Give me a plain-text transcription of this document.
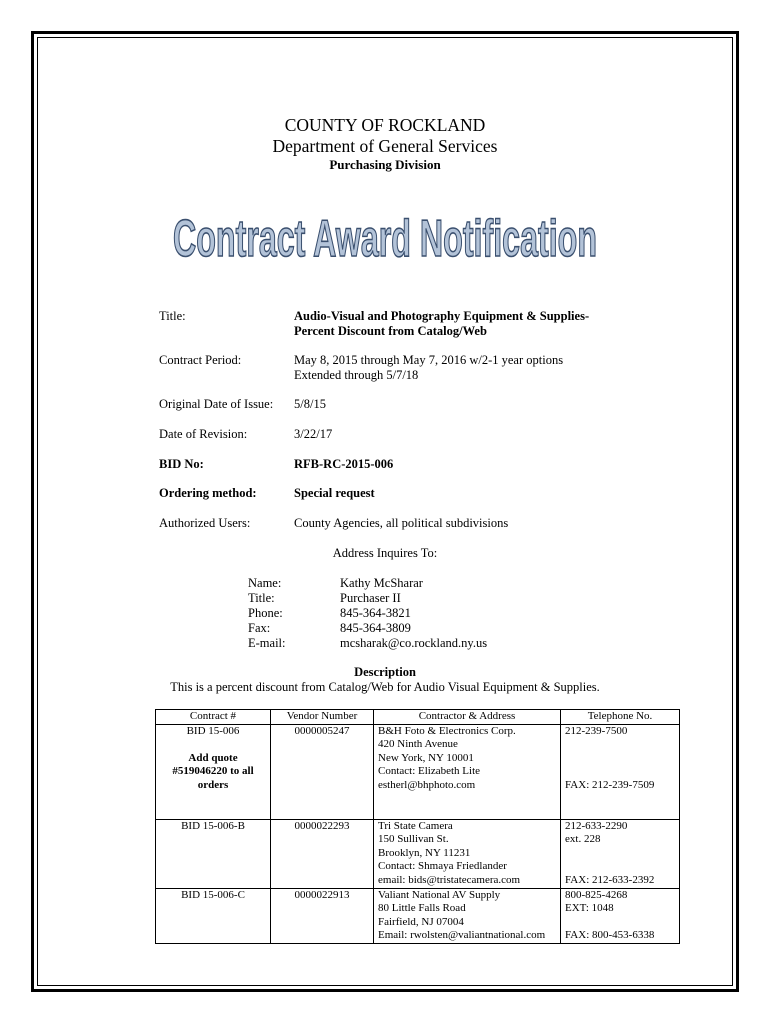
COUNTY OF ROCKLAND
Department of General Services
Purchasing Division
Contract Award Notification
Title:	Audio-Visual and Photography Equipment & Supplies-
Percent Discount from Catalog/Web
Contract Period:	May 8, 2015 through May 7, 2016 w/2-1 year options
Extended through 5/7/18
Original Date of Issue: 5/8/15
Date of Revision:	3/22/17
BID No:	RFB-RC-2015-006
Ordering method:	Special request
Authorized Users:	County Agencies, all political subdivisions
Address Inquires To:
Name:	Kathy McSharar
Title:	Purchaser II
Phone:	845-364-3821
Fax:	845-364-3809
E-mail:	mcsharak@co.rockland.ny.us
Description
This is a percent discount from Catalog/Web for Audio Visual Equipment & Supplies.
Contract #	Vendor Number	Contractor & Address	Telephone No.

BID 15-006
Add quote
#519046220 to all
orders	0000005247	B&H Foto & Electronics Corp.
420 Ninth Avenue
New York, NY 10001
Contact: Elizabeth Lite
estherl@bhphoto.com	212-239-7500
FAX: 212-239-7509

BID 15-006-B	0000022293	Tri State Camera
150 Sullivan St.
Brooklyn, NY 11231
Contact: Shmaya Friedlander
email: bids@tristatecamera.com	212-633-2290
ext. 228
FAX: 212-633-2392

BID 15-006-C	0000022913	Valiant National AV Supply
80 Little Falls Road
Fairfield, NJ 07004
Email: rwolsten@valiantnational.com	800-825-4268
EXT: 1048
FAX: 800-453-6338
